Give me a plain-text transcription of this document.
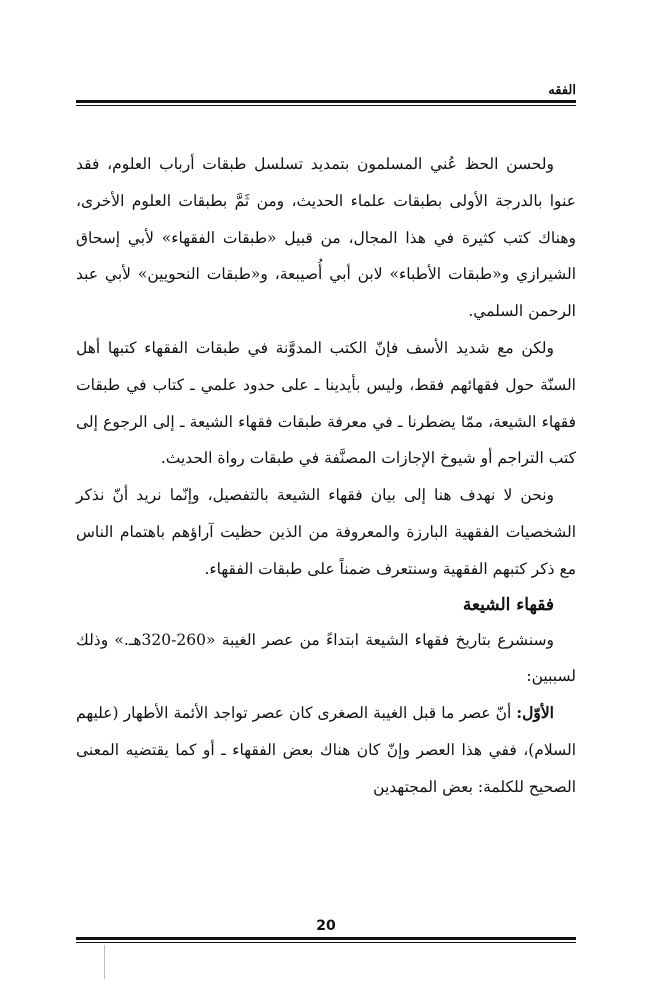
الفقه

ولحسن الحظ عُني المسلمون بتمديد تسلسل طبقات أرباب العلوم، فقد عنوا بالدرجة الأولى بطبقات علماء الحديث، ومن ثَمَّ بطبقات العلوم الأخرى، وهناك كتب كثيرة في هذا المجال، من قبيل «طبقات الفقهاء» لأبي إسحاق الشيرازي و«طبقات الأطباء» لابن أبي أُصيبعة، و«طبقات النحويين» لأبي عبد الرحمن السلمي.

ولكن مع شديد الأسف فإنّ الكتب المدوَّنة في طبقات الفقهاء كتبها أهل السنّة حول فقهائهم فقط، وليس بأيدينا ـ على حدود علمي ـ كتاب في طبقات فقهاء الشيعة، ممّا يضطرنا ـ في معرفة طبقات فقهاء الشيعة ـ إلى الرجوع إلى كتب التراجم أو شيوخ الإجازات المصنَّفة في طبقات رواة الحديث.

ونحن لا نهدف هنا إلى بيان فقهاء الشيعة بالتفصيل، وإنّما نريد أنّ نذكر الشخصيات الفقهية البارزة والمعروفة من الذين حظيت آراؤهم باهتمام الناس مع ذكر كتبهم الفقهية وسنتعرف ضمناً على طبقات الفقهاء.

فقهاء الشيعة

وسنشرع بتاريخ فقهاء الشيعة ابتداءً من عصر الغيبة «260-320هـ.» وذلك لسببين:

الأوّل: أنّ عصر ما قبل الغيبة الصغرى كان عصر تواجد الأئمة الأطهار (عليهم السلام)، ففي هذا العصر وإنّ كان هناك بعض الفقهاء ـ أو كما يقتضيه المعنى الصحيح للكلمة: بعض المجتهدين

20
